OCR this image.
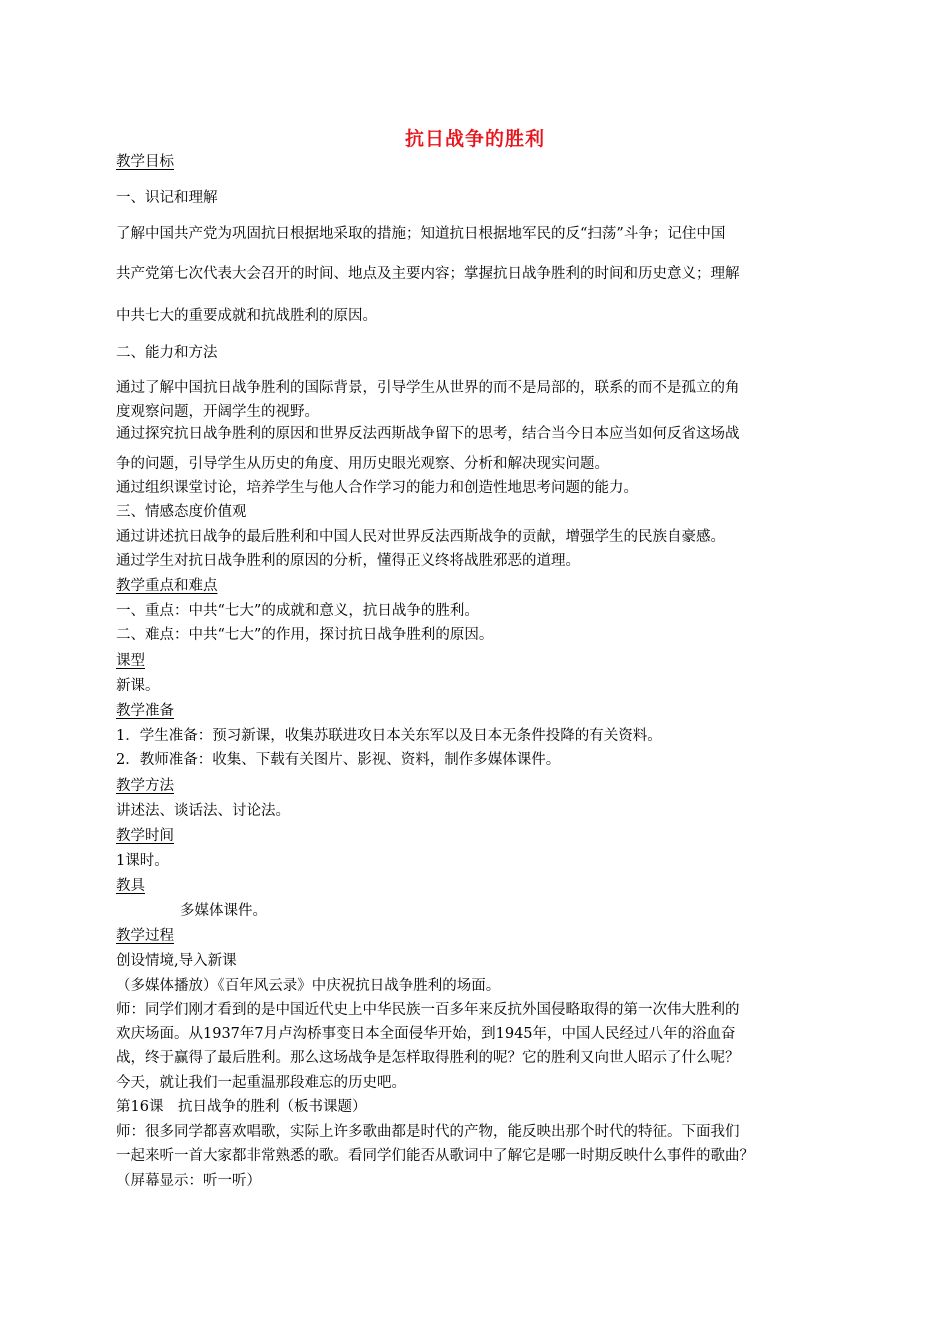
抗日战争的胜利
教学目标
一、识记和理解
了解中国共产党为巩固抗日根据地采取的措施；知道抗日根据地军民的反“扫荡”斗争；记住中国
共产党第七次代表大会召开的时间、地点及主要内容；掌握抗日战争胜利的时间和历史意义；理解
中共七大的重要成就和抗战胜利的原因。
二、能力和方法
通过了解中国抗日战争胜利的国际背景，引导学生从世界的而不是局部的，联系的而不是孤立的角
度观察问题，开阔学生的视野。
通过探究抗日战争胜利的原因和世界反法西斯战争留下的思考，结合当今日本应当如何反省这场战
争的问题，引导学生从历史的角度、用历史眼光观察、分析和解决现实问题。
通过组织课堂讨论，培养学生与他人合作学习的能力和创造性地思考问题的能力。
三、情感态度价值观
通过讲述抗日战争的最后胜利和中国人民对世界反法西斯战争的贡献，增强学生的民族自豪感。
通过学生对抗日战争胜利的原因的分析，懂得正义终将战胜邪恶的道理。
教学重点和难点
一、重点：中共“七大”的成就和意义，抗日战争的胜利。
二、难点：中共“七大”的作用，探讨抗日战争胜利的原因。
课型
新课。
教学准备
1．学生准备：预习新课，收集苏联进攻日本关东军以及日本无条件投降的有关资料。
2．教师准备：收集、下载有关图片、影视、资料，制作多媒体课件。
教学方法
讲述法、谈话法、讨论法。
教学时间
1课时。
教具
多媒体课件。
教学过程
创设情境,导入新课
（多媒体播放）《百年风云录》中庆祝抗日战争胜利的场面。
师：同学们刚才看到的是中国近代史上中华民族一百多年来反抗外国侵略取得的第一次伟大胜利的
欢庆场面。从1937年7月卢沟桥事变日本全面侵华开始，到1945年，中国人民经过八年的浴血奋
战，终于赢得了最后胜利。那么这场战争是怎样取得胜利的呢？它的胜利又向世人昭示了什么呢？
今天，就让我们一起重温那段难忘的历史吧。
第16课　抗日战争的胜利（板书课题）
师：很多同学都喜欢唱歌，实际上许多歌曲都是时代的产物，能反映出那个时代的特征。下面我们
一起来听一首大家都非常熟悉的歌。看同学们能否从歌词中了解它是哪一时期反映什么事件的歌曲？
（屏幕显示：听一听）
